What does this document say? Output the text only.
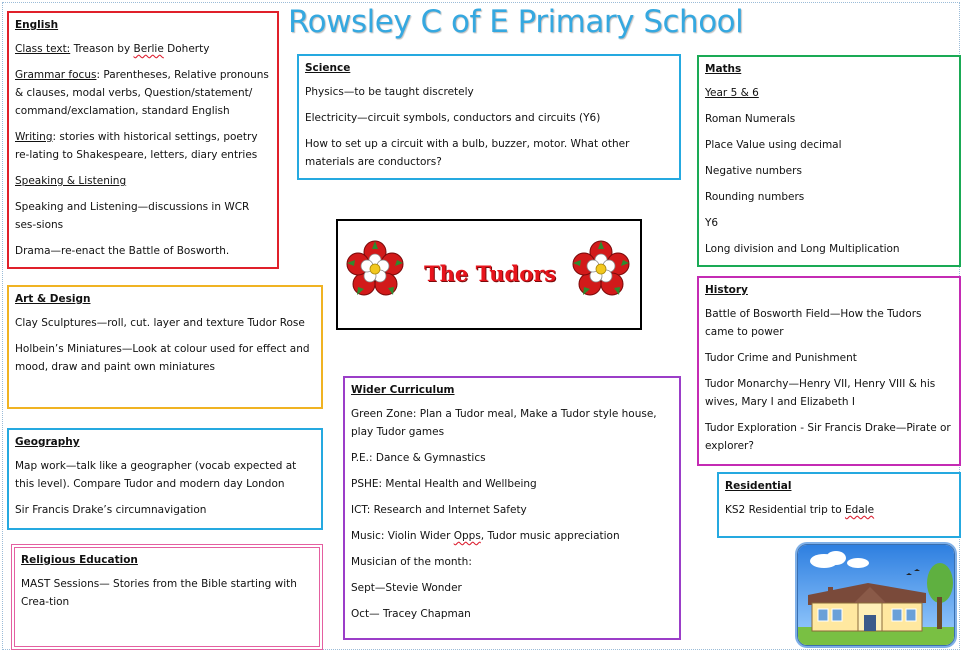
Rowsley C of E Primary School
English

Class text: Treason by Berlie Doherty

Grammar focus: Parentheses, Relative pronouns & clauses, modal verbs, Question/statement/ command/exclamation, standard English

Writing: stories with historical settings, poetry re-lating to Shakespeare, letters, diary entries

Speaking & Listening

Speaking and Listening—discussions in WCR ses-sions

Drama—re-enact the Battle of Bosworth.

Science

Physics—to be taught discretely

Electricity—circuit symbols, conductors and circuits (Y6)

How to set up a circuit with a bulb, buzzer, motor. What other materials are conductors?

Maths

Year 5 & 6

Roman Numerals

Place Value using decimal

Negative numbers

Rounding numbers

Y6

Long division and Long Multiplication

The Tudors
Art & Design

Clay Sculptures—roll, cut. layer and texture Tudor Rose

Holbein’s Miniatures—Look at colour used for effect and mood, draw and paint own miniatures

Geography

Map work—talk like a geographer (vocab expected at this level). Compare Tudor and modern day London

Sir Francis Drake’s circumnavigation

Religious Education

MAST Sessions— Stories from the Bible starting with Crea-tion

Wider Curriculum

Green Zone: Plan a Tudor meal, Make a Tudor style house, play Tudor games

P.E.: Dance & Gymnastics

PSHE: Mental Health and Wellbeing

ICT: Research and Internet Safety

Music: Violin Wider Opps, Tudor music appreciation

Musician of the month:

Sept—Stevie Wonder

Oct— Tracey Chapman

History

Battle of Bosworth Field—How the Tudors came to power

Tudor Crime and Punishment

Tudor Monarchy—Henry VII, Henry VIII & his wives, Mary I and Elizabeth I

Tudor Exploration - Sir Francis Drake—Pirate or explorer?

Residential

KS2 Residential trip to Edale
